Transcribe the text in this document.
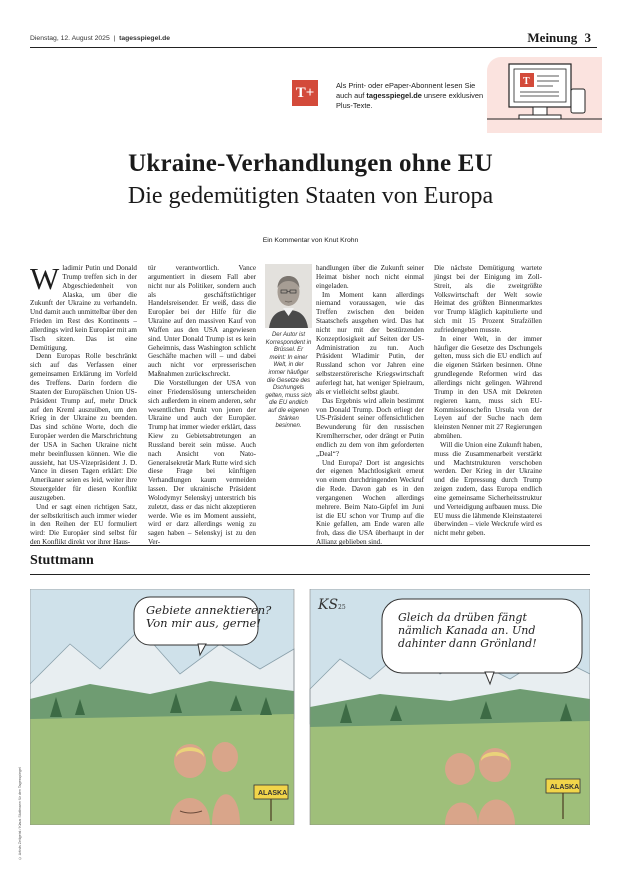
Dienstag, 12. August 2025  |  tagesspiegel.de	Meinung 3
T+	Als Print- oder ePaper-Abonnent lesen Sie auch auf tagesspiegel.de unsere exklusiven Plus-Texte.
T
Ukraine-Verhandlungen ohne EU
Die gedemütigten Staaten von Europa
Ein Kommentar von Knut Krohn

Wladimir Putin und Donald Trump treffen sich in der Abgeschiedenheit von Alaska, um über die Zukunft der Ukraine zu verhandeln. Und damit auch unmittelbar über den Frieden im Rest des Kontinents – allerdings wird kein Europäer mit am Tisch sitzen. Das ist eine Demütigung.

Denn Europas Rolle beschränkt sich auf das Verfassen einer gemeinsamen Erklärung im Vorfeld des Treffens. Darin fordern die Staaten der Europäischen Union US-Präsident Trump auf, mehr Druck auf den Kreml auszuüben, um den Krieg in der Ukraine zu beenden. Das sind schöne Worte, doch die Europäer werden die Marschrichtung der USA in Sachen Ukraine nicht mehr beeinflussen können. Wie die aussieht, hat US-Vizepräsident J. D. Vance in diesen Tagen erklärt: Die Amerikaner seien es leid, weiter ihre Steuergelder für diesen Konflikt auszugeben.

Und er sagt einen richtigen Satz, der selbstkritisch auch immer wieder in den Reihen der EU formuliert wird: Die Europäer sind selbst für den Konflikt direkt vor ihrer Haus-

tür verantwortlich. Vance argumentiert in diesem Fall aber nicht nur als Politiker, sondern auch als geschäftstüchtiger Handelsreisender. Er weiß, dass die Europäer bei der Hilfe für die Ukraine auf den massiven Kauf von Waffen aus den USA angewiesen sind. Unter Donald Trump ist es kein Geheimnis, dass Washington schlicht Geschäfte machen will – und dabei auch nicht vor erpresserischen Maßnahmen zurückschreckt.

Die Vorstellungen der USA von einer Friedenslösung unterscheiden sich außerdem in einem anderen, sehr wesentlichen Punkt von jenen der Ukraine und auch der Europäer. Trump hat immer wieder erklärt, dass Kiew zu Gebietsabtretungen an Russland bereit sein müsse. Auch nach Ansicht von Nato-Generalsekretär Mark Rutte wird sich diese Frage bei künftigen Verhandlungen kaum vermeiden lassen. Der ukrainische Präsident Wolodymyr Selenskyj unterstrich bis zuletzt, dass er das nicht akzeptieren werde. Wie es im Moment aussieht, wird er darz allerdings wenig zu sagen haben – Selenskyj ist zu den Ver-

Der Autor ist Korrespondent in Brüssel. Er meint: In einer Welt, in der immer häufiger die Gesetze des Dschungels gelten, muss sich die EU endlich auf die eigenen Stärken besinnen.

handlungen über die Zukunft seiner Heimat bisher noch nicht einmal eingeladen.

Im Moment kann allerdings niemand voraussagen, wie das Treffen zwischen den beiden Staatschefs ausgehen wird. Das hat nicht nur mit der bestürzenden Konzeptlosigkeit auf Seiten der US-Administration zu tun. Auch Präsident Wladimir Putin, der Russland schon vor Jahren eine selbstzerstörerische Kriegswirtschaft auferlegt hat, hat weniger Spielraum, als er vielleicht selbst glaubt.

Das Ergebnis wird allein bestimmt von Donald Trump. Doch erliegt der US-Präsident seiner offensichtlichen Bewunderung für den russischen Kremlherrscher, oder drängt er Putin endlich zu dem von ihm geforderten „Deal“?

Und Europa? Dort ist angesichts der eigenen Machtlosigkeit erneut von einem durchdringenden Weckruf die Rede. Davon gab es in den vergangenen Wochen allerdings mehrere. Beim Nato-Gipfel im Juni ist die EU schon vor Trump auf die Knie gefallen, am Ende waren alle froh, dass die USA überhaupt in der Allianz geblieben sind.

Die nächste Demütigung wartete jüngst bei der Einigung im Zoll-Streit, als die zweitgrößte Volkswirtschaft der Welt sowie Heimat des größten Binnenmarktes vor Trump kläglich kapitulierte und sich mit 15 Prozent Strafzöllen zufriedengeben musste.

In einer Welt, in der immer häufiger die Gesetze des Dschungels gelten, muss sich die EU endlich auf die eigenen Stärken besinnen. Ohne grundlegende Reformen wird das allerdings nicht gelingen. Während Trump in den USA mit Dekreten regieren kann, muss sich EU-Kommissionschefin Ursula von der Leyen auf der Suche nach dem kleinsten Nenner mit 27 Regierungen abmühen.

Will die Union eine Zukunft haben, muss die Zusammenarbeit verstärkt und Machtstrukturen verschoben werden. Der Krieg in der Ukraine und die Erpressung durch Trump zeigen zudem, dass Europa endlich eine gemeinsame Sicherheitsstruktur und Verteidigung aufbauen muss. Die EU muss die lähmende Kleinstaaterei überwinden – viele Weckrufe wird es nicht mehr geben.

Stuttmann
ALASKA
ALASKA
KS 25
Gebiete annektieren?
Von mir aus, gerne!	Gleich da drüben fängt
nämlich Kanada an. Und
dahinter dann Grönland!
© Artists Zeitgeist / Klaus Stuttmann für den Tagesspiegel
